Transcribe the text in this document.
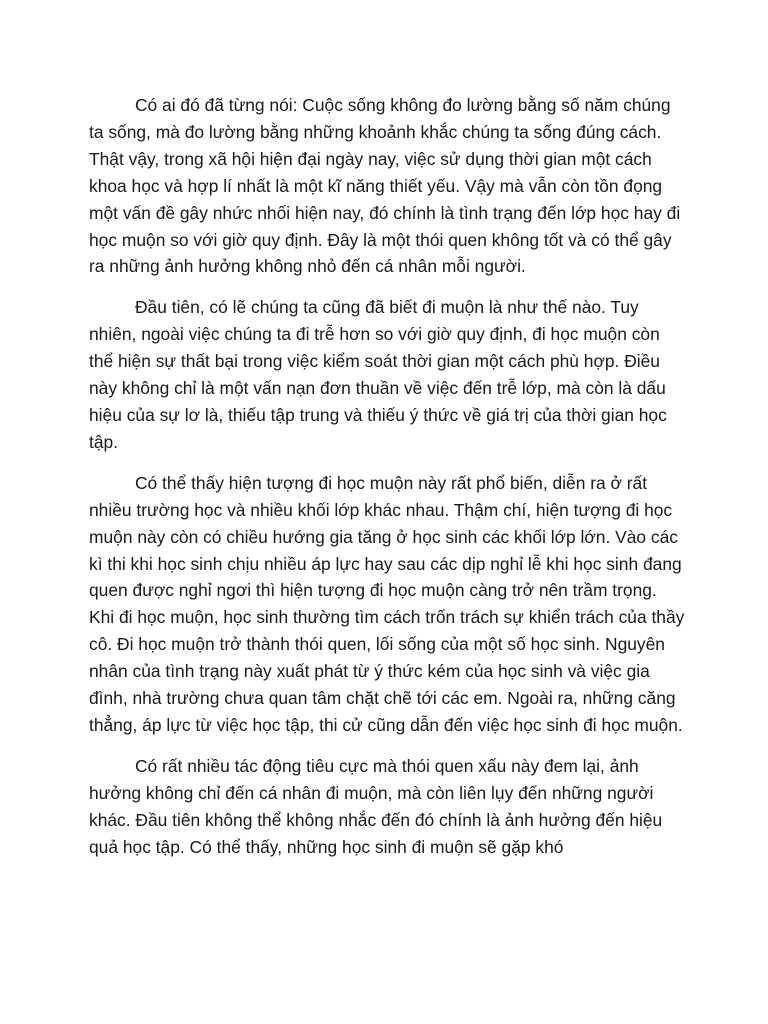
Có ai đó đã từng nói: Cuộc sống không đo lường bằng số năm chúng ta sống, mà đo lường bằng những khoảnh khắc chúng ta sống đúng cách. Thật vậy, trong xã hội hiện đại ngày nay, việc sử dụng thời gian một cách khoa học và hợp lí nhất là một kĩ năng thiết yếu. Vậy mà vẫn còn tồn đọng một vấn đề gây nhức nhối hiện nay, đó chính là tình trạng đến lớp học hay đi học muộn so với giờ quy định. Đây là một thói quen không tốt và có thể gây ra những ảnh hưởng không nhỏ đến cá nhân mỗi người.

Đầu tiên, có lẽ chúng ta cũng đã biết đi muộn là như thế nào. Tuy nhiên, ngoài việc chúng ta đi trễ hơn so với giờ quy định, đi học muộn còn thể hiện sự thất bại trong việc kiểm soát thời gian một cách phù hợp. Điều này không chỉ là một vấn nạn đơn thuần về việc đến trễ lớp, mà còn là dấu hiệu của sự lơ là, thiếu tập trung và thiếu ý thức về giá trị của thời gian học tập.

Có thể thấy hiện tượng đi học muộn này rất phổ biến, diễn ra ở rất nhiều trường học và nhiều khối lớp khác nhau. Thậm chí, hiện tượng đi học muộn này còn có chiều hướng gia tăng ở học sinh các khối lớp lớn. Vào các kì thi khi học sinh chịu nhiều áp lực hay sau các dịp nghỉ lễ khi học sinh đang quen được nghỉ ngơi thì hiện tượng đi học muộn càng trở nên trầm trọng. Khi đi học muộn, học sinh thường tìm cách trốn trách sự khiển trách của thầy cô. Đi học muộn trở thành thói quen, lối sống của một số học sinh. Nguyên nhân của tình trạng này xuất phát từ ý thức kém của học sinh và việc gia đình, nhà trường chưa quan tâm chặt chẽ tới các em. Ngoài ra, những căng thẳng, áp lực từ việc học tập, thi cử cũng dẫn đến việc học sinh đi học muộn.

Có rất nhiều tác động tiêu cực mà thói quen xấu này đem lại, ảnh hưởng không chỉ đến cá nhân đi muộn, mà còn liên lụy đến những người khác. Đầu tiên không thể không nhắc đến đó chính là ảnh hưởng đến hiệu quả học tập. Có thể thấy, những học sinh đi muộn sẽ gặp khó
